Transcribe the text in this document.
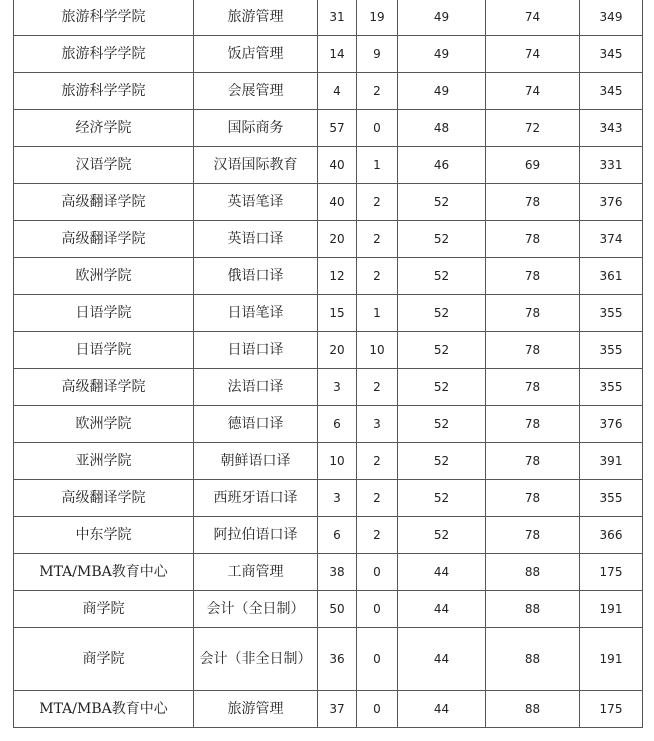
旅游科学学院	旅游管理	31	19	49	74	349
旅游科学学院	饭店管理	14	9	49	74	345
旅游科学学院	会展管理	4	2	49	74	345
经济学院	国际商务	57	0	48	72	343
汉语学院	汉语国际教育	40	1	46	69	331
高级翻译学院	英语笔译	40	2	52	78	376
高级翻译学院	英语口译	20	2	52	78	374
欧洲学院	俄语口译	12	2	52	78	361
日语学院	日语笔译	15	1	52	78	355
日语学院	日语口译	20	10	52	78	355
高级翻译学院	法语口译	3	2	52	78	355
欧洲学院	德语口译	6	3	52	78	376
亚洲学院	朝鲜语口译	10	2	52	78	391
高级翻译学院	西班牙语口译	3	2	52	78	355
中东学院	阿拉伯语口译	6	2	52	78	366
MTA/MBA教育中心	工商管理	38	0	44	88	175
商学院	会计（全日制）	50	0	44	88	191
商学院	会计（非全日制）	36	0	44	88	191
MTA/MBA教育中心	旅游管理	37	0	44	88	175
